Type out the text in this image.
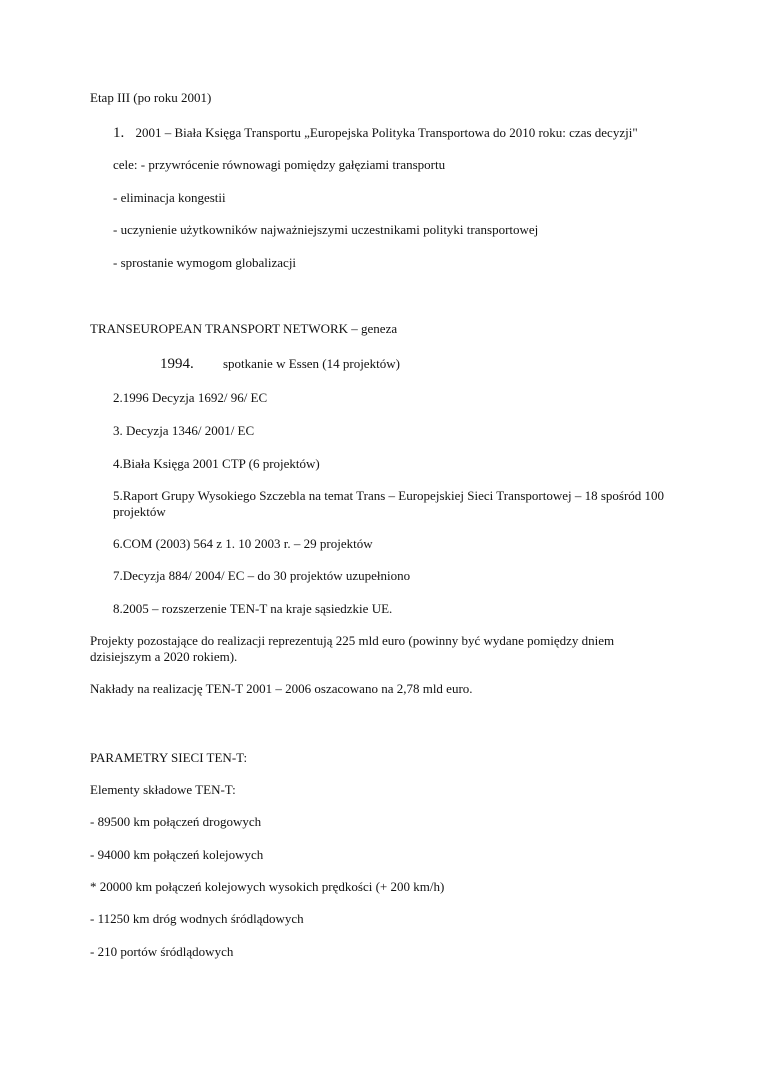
Etap III (po roku 2001)
1. 2001 – Biała Księga Transportu „Europejska Polityka Transportowa do 2010 roku: czas decyzji"
cele: - przywrócenie równowagi pomiędzy gałęziami transportu
- eliminacja kongestii
- uczynienie użytkowników najważniejszymi uczestnikami polityki transportowej
- sprostanie wymogom globalizacji
TRANSEUROPEAN TRANSPORT NETWORK – geneza
1994. spotkanie w Essen (14 projektów)
2.1996 Decyzja 1692/ 96/ EC
3. Decyzja 1346/ 2001/ EC
4.Biała Księga 2001 CTP (6 projektów)
5.Raport Grupy Wysokiego Szczebla na temat Trans – Europejskiej Sieci Transportowej – 18 spośród 100 projektów
6.COM (2003) 564 z 1. 10 2003 r. – 29 projektów
7.Decyzja 884/ 2004/ EC – do 30 projektów uzupełniono
8.2005 – rozszerzenie TEN-T na kraje sąsiedzkie UE.
Projekty pozostające do realizacji reprezentują 225 mld euro (powinny być wydane pomiędzy dniem dzisiejszym a 2020 rokiem).
Nakłady na realizację TEN-T 2001 – 2006 oszacowano na 2,78 mld euro.
PARAMETRY SIECI TEN-T:
Elementy składowe TEN-T:
- 89500 km połączeń drogowych
- 94000 km połączeń kolejowych
* 20000 km połączeń kolejowych wysokich prędkości (+ 200 km/h)
- 11250 km dróg wodnych śródlądowych
- 210 portów śródlądowych
